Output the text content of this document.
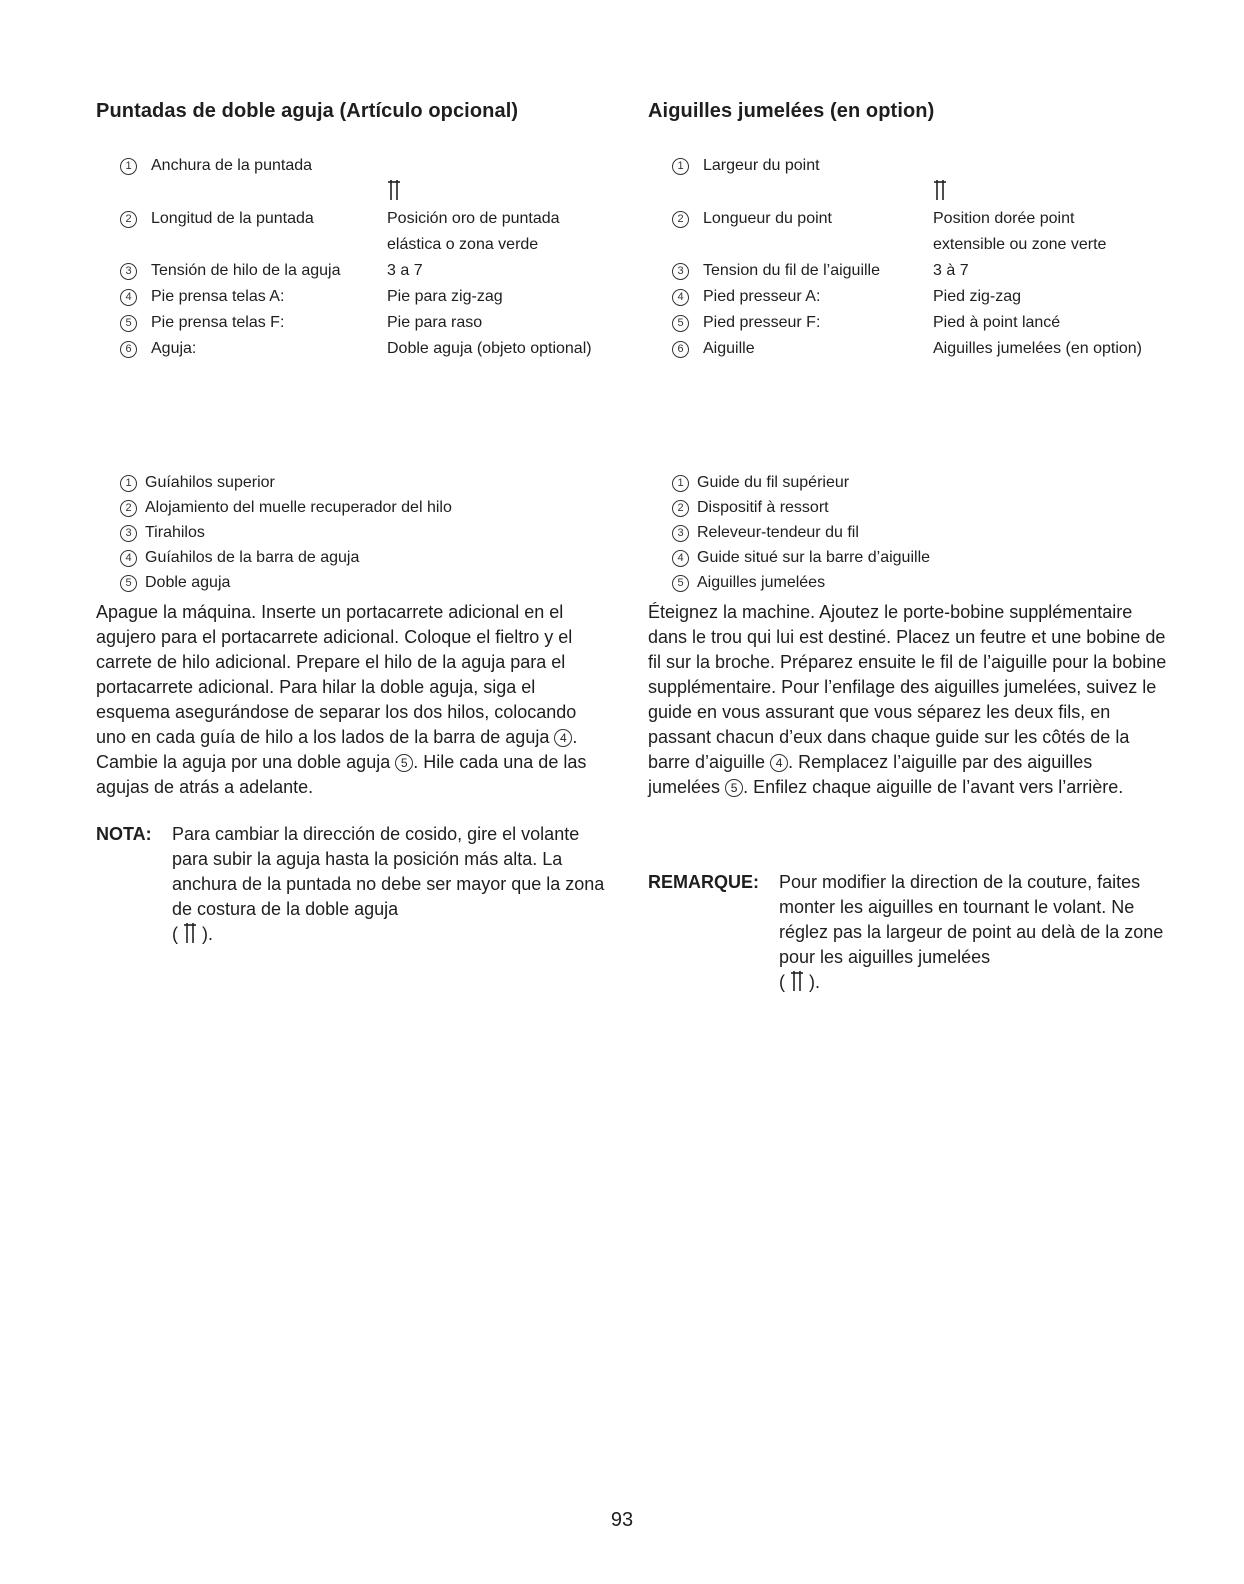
Puntadas de doble aguja (Artículo opcional)
1	Anchura de la puntada	

2	Longitud de la puntada	Posición oro de puntada
elástica o zona verde
3	Tensión de hilo de la aguja	3 a 7
4	Pie prensa telas A:	Pie para zig-zag
5	Pie prensa telas F:	Pie para raso
6	Aguja:	Doble aguja (objeto optional)
1 Guíahilos superior
2 Alojamiento del muelle recuperador del hilo
3 Tirahilos
4 Guíahilos de la barra de aguja
5 Doble aguja

Apague la máquina. Inserte un portacarrete adicional en el agujero para el portacarrete adicional. Coloque el fieltro y el carrete de hilo adicional. Prepare el hilo de la aguja para el portacarrete adicional. Para hilar la doble aguja, siga el esquema asegurándose de separar los dos hilos, colocando uno en cada guía de hilo a los lados de la barra de aguja 4 . Cambie la aguja por una doble aguja 5 . Hile cada una de las agujas de atrás a adelante.

NOTA:	Para cambiar la dirección de cosido, gire el volante para subir la aguja hasta la posición más alta. La anchura de la puntada no debe ser mayor que la zona de costura de la doble aguja
( ).
Aiguilles jumelées (en option)
1	Largeur du point	

2	Longueur du point	Position dorée point
extensible ou zone verte
3	Tension du fil de l’aiguille	3 à 7
4	Pied presseur A:	Pied zig-zag
5	Pied presseur F:	Pied à point lancé
6	Aiguille	Aiguilles jumelées (en option)
1 Guide du fil supérieur
2 Dispositif à ressort
3 Releveur-tendeur du fil
4 Guide situé sur la barre d’aiguille
5 Aiguilles jumelées

Éteignez la machine. Ajoutez le porte-bobine supplémentaire dans le trou qui lui est destiné. Placez un feutre et une bobine de fil sur la broche. Préparez ensuite le fil de l’aiguille pour la bobine supplémentaire. Pour l’enfilage des aiguilles jumelées, suivez le guide en vous assurant que vous séparez les deux fils, en passant chacun d’eux dans chaque guide sur les côtés de la barre d’aiguille 4 . Remplacez l’aiguille par des aiguilles jumelées 5 . Enfilez chaque aiguille de l’avant vers l’arrière.

REMARQUE:	Pour modifier la direction de la couture, faites monter les aiguilles en tournant le volant. Ne réglez pas la largeur de point au delà de la zone pour les aiguilles jumelées
( ).
93
